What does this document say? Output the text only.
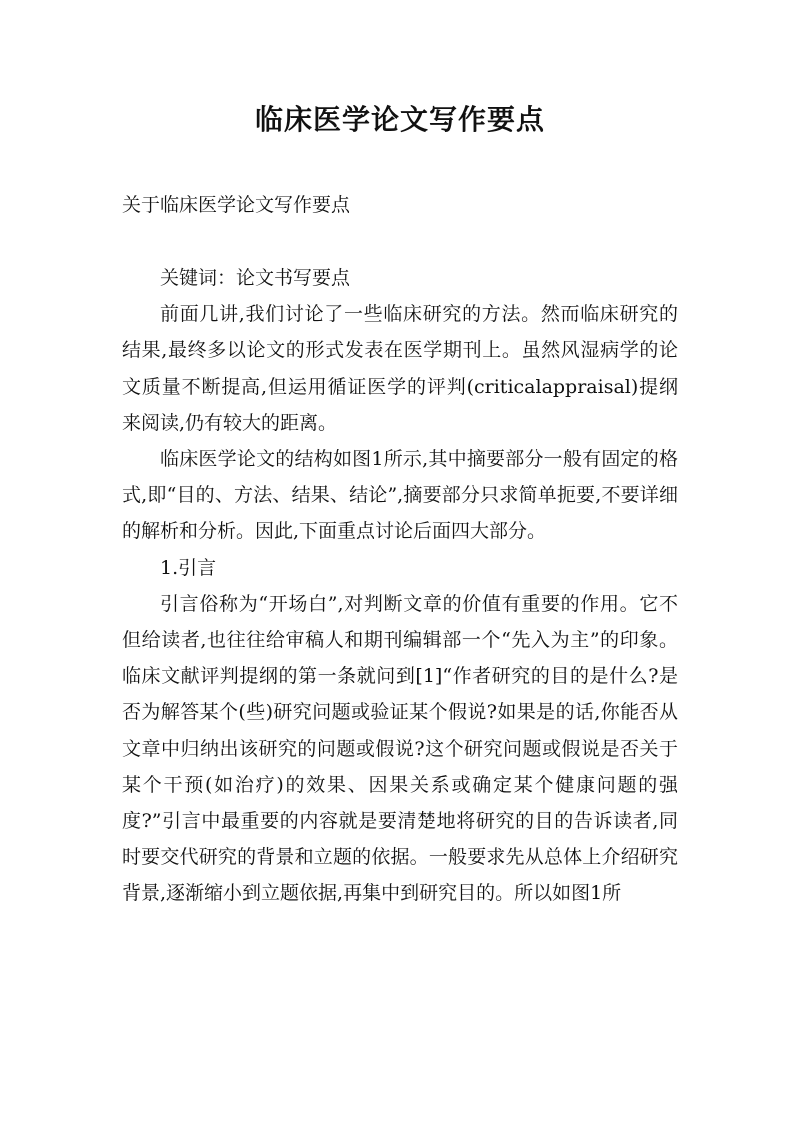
临床医学论文写作要点
关于临床医学论文写作要点

关键词：论文书写要点

前面几讲,我们讨论了一些临床研究的方法。然而临床研究的结果,最终多以论文的形式发表在医学期刊上。虽然风湿病学的论文质量不断提高,但运用循证医学的评判(criticalappraisal)提纲来阅读,仍有较大的距离。

临床医学论文的结构如图1所示,其中摘要部分一般有固定的格式,即“目的、方法、结果、结论”,摘要部分只求简单扼要,不要详细的解析和分析。因此,下面重点讨论后面四大部分。

1.引言

引言俗称为“开场白”,对判断文章的价值有重要的作用。它不但给读者,也往往给审稿人和期刊编辑部一个“先入为主”的印象。临床文献评判提纲的第一条就问到[1]“作者研究的目的是什么?是否为解答某个(些)研究问题或验证某个假说?如果是的话,你能否从文章中归纳出该研究的问题或假说?这个研究问题或假说是否关于某个干预(如治疗)的效果、因果关系或确定某个健康问题的强度?”引言中最重要的内容就是要清楚地将研究的目的告诉读者,同时要交代研究的背景和立题的依据。一般要求先从总体上介绍研究背景,逐渐缩小到立题依据,再集中到研究目的。所以如图1所
